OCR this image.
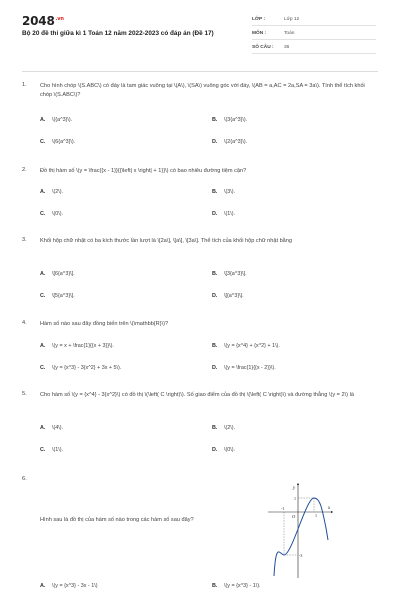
$2048^{.vn}$
Bộ 20 đề thi giữa kì 1 Toán 12 năm 2022-2023 có đáp án (Đề 17)
LỚP :	Lớp 12
MÔN :	Toán
SỐ CÂU : 36
1. Cho hình chóp \(S.ABC\) có đáy là tam giác vuông tại \(A\), \(SA\) vuông góc với đáy, \(AB = a,AC = 2a,SA = 3a\). Tính thể tích khối chóp \(S.ABC\)?
A. \({a^3}\).	B. \(3{a^3}\).
C. \(6{a^3}\).	D. \(2{a^3}\).
2. Đồ thị hàm số \(y = \frac{{x - 1}}{{\left| x \right| + 1}}\) có bao nhiêu đường tiệm cận?
A. \(2\).	B. \(3\).
C. \(0\).	D. \(1\).
3. Khối hộp chữ nhật có ba kích thước lần lượt là \[2a\], \[a\], \[3a\]. Thể tích của khối hộp chữ nhật bằng
A. \[6{a^3}\].	B. \[3{a^3}\].
C. \[5{a^3}\].	D. \[{a^3}\].
4. Hàm số nào sau đây đồng biến trên \(\mathbb{R}\)?
A. \(y = x + \frac{1}{{x + 3}}\).	B. \(y = {x^4} + {x^2} + 1\).
C. \(y = {x^3} - 3{x^2} + 3x + 5\).	D. \(y = \frac{1}{{x - 2}}\).
5. Cho hàm số \(y = {x^4} - 3{x^2}\) có đồ thị \(\left( C \right)\). Số giao điểm của đồ thị \(\left( C \right)\) và đường thẳng \(y = 2\) là
A. \(4\).	B. \(2\).
C. \(1\).	D. \(0\).
6.
Hình sau là đồ thị của hàm số nào trong các hàm số sau đây?
y
x
O
1
-3
-1
1
A. \(y = {x^3} - 3x - 1\)	B. \(y = {x^3} - 1\).
